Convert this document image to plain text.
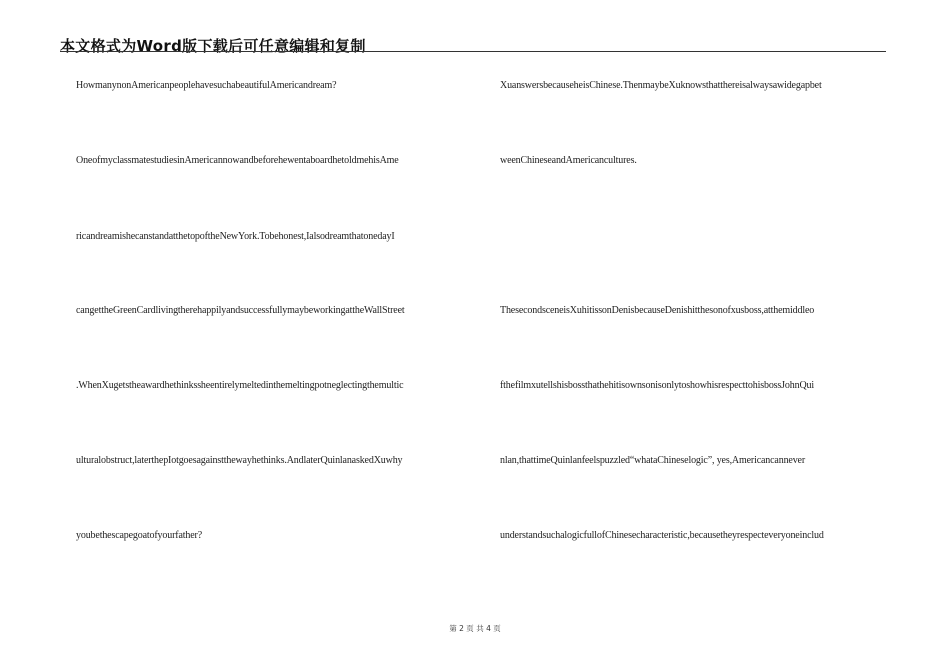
本文格式为Word版下载后可任意编辑和复制
HowmanynonAmericanpeoplehavesuchabeautifulAmericandream?
OneofmyclassmatestudiesinAmericannowandbeforehewentaboardhetoldmehisAme
ricandreamishecanstandatthetopoftheNewYork.Tobehonest,IalsodreamthatonedayI
cangettheGreenCardlivingtherehappilyandsuccessfullymaybeworkingattheWallStreet
.WhenXugetstheawardhethinkssheentirelymeltedinthemeltingpotneglectingthemultic
ulturalobstruct,laterthepIotgoesagainstthewayhethinks.AndlaterQuinlanaskedXuwhy
youbethescapegoatofyourfather?
XuanswersbecauseheisChinese.ThenmaybeXuknowsthatthereisalwaysawidegapbet
weenChineseandAmericancultures.
ThesecondsceneisXuhitissonDenisbecauseDenishitthesonofxusboss,atthemiddleo
fthefilmxutellshisbossthathehitisownsonisonlytoshowhisrespecttohisbossJohnQui
nlan,thattimeQuinlanfeelspuzzled“whataChineselogic”, yes,Americancannever
understandsuchalogicfullofChinesecharacteristic,becausetheyrespecteveryoneinclud
第 2 页 共 4 页
